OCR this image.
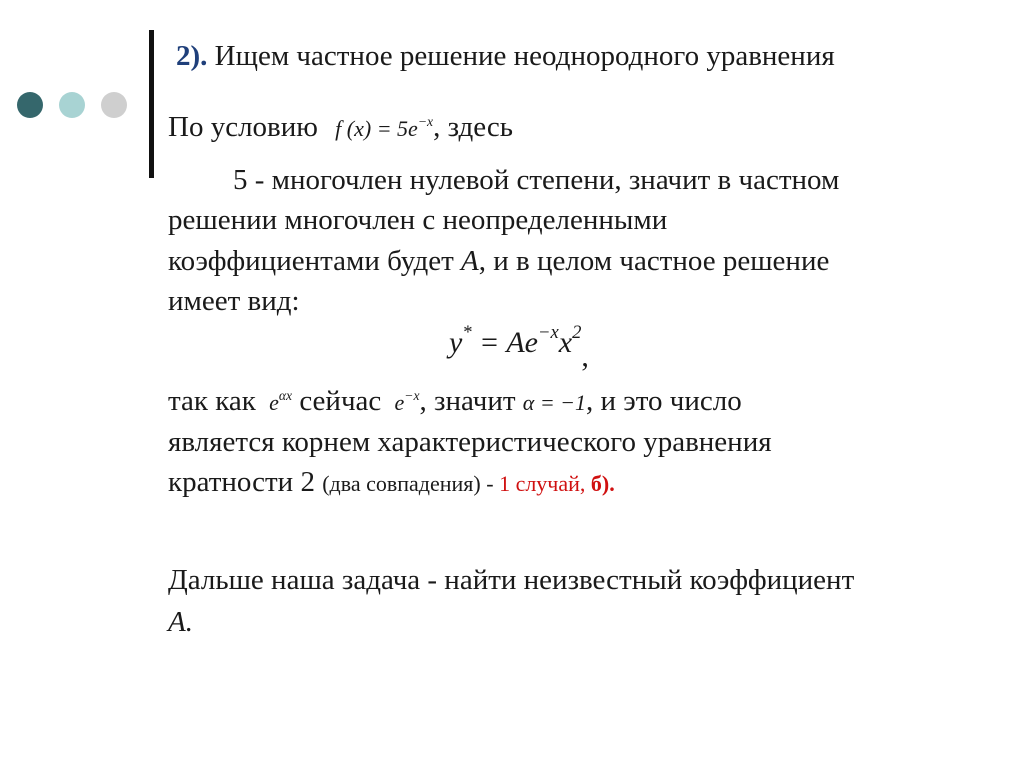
2). Ищем частное решение неоднородного уравнения
По условию f $(x) = 5e^{-x}$, здесь
5 - многочлен нулевой степени, значит в частном
решении многочлен с неопределенными
коэффициентами будет A, и в целом частное решение
имеет вид:
$y^* = Ae^{-x}x^2$,
так как $e^{\alpha x}$ сейчас $e^{-x}$, значит α = −1, и это число
является корнем характеристического уравнения
кратности 2 (два совпадения) - 1 случай, б).
Дальше наша задача - найти неизвестный коэффициент
A.
